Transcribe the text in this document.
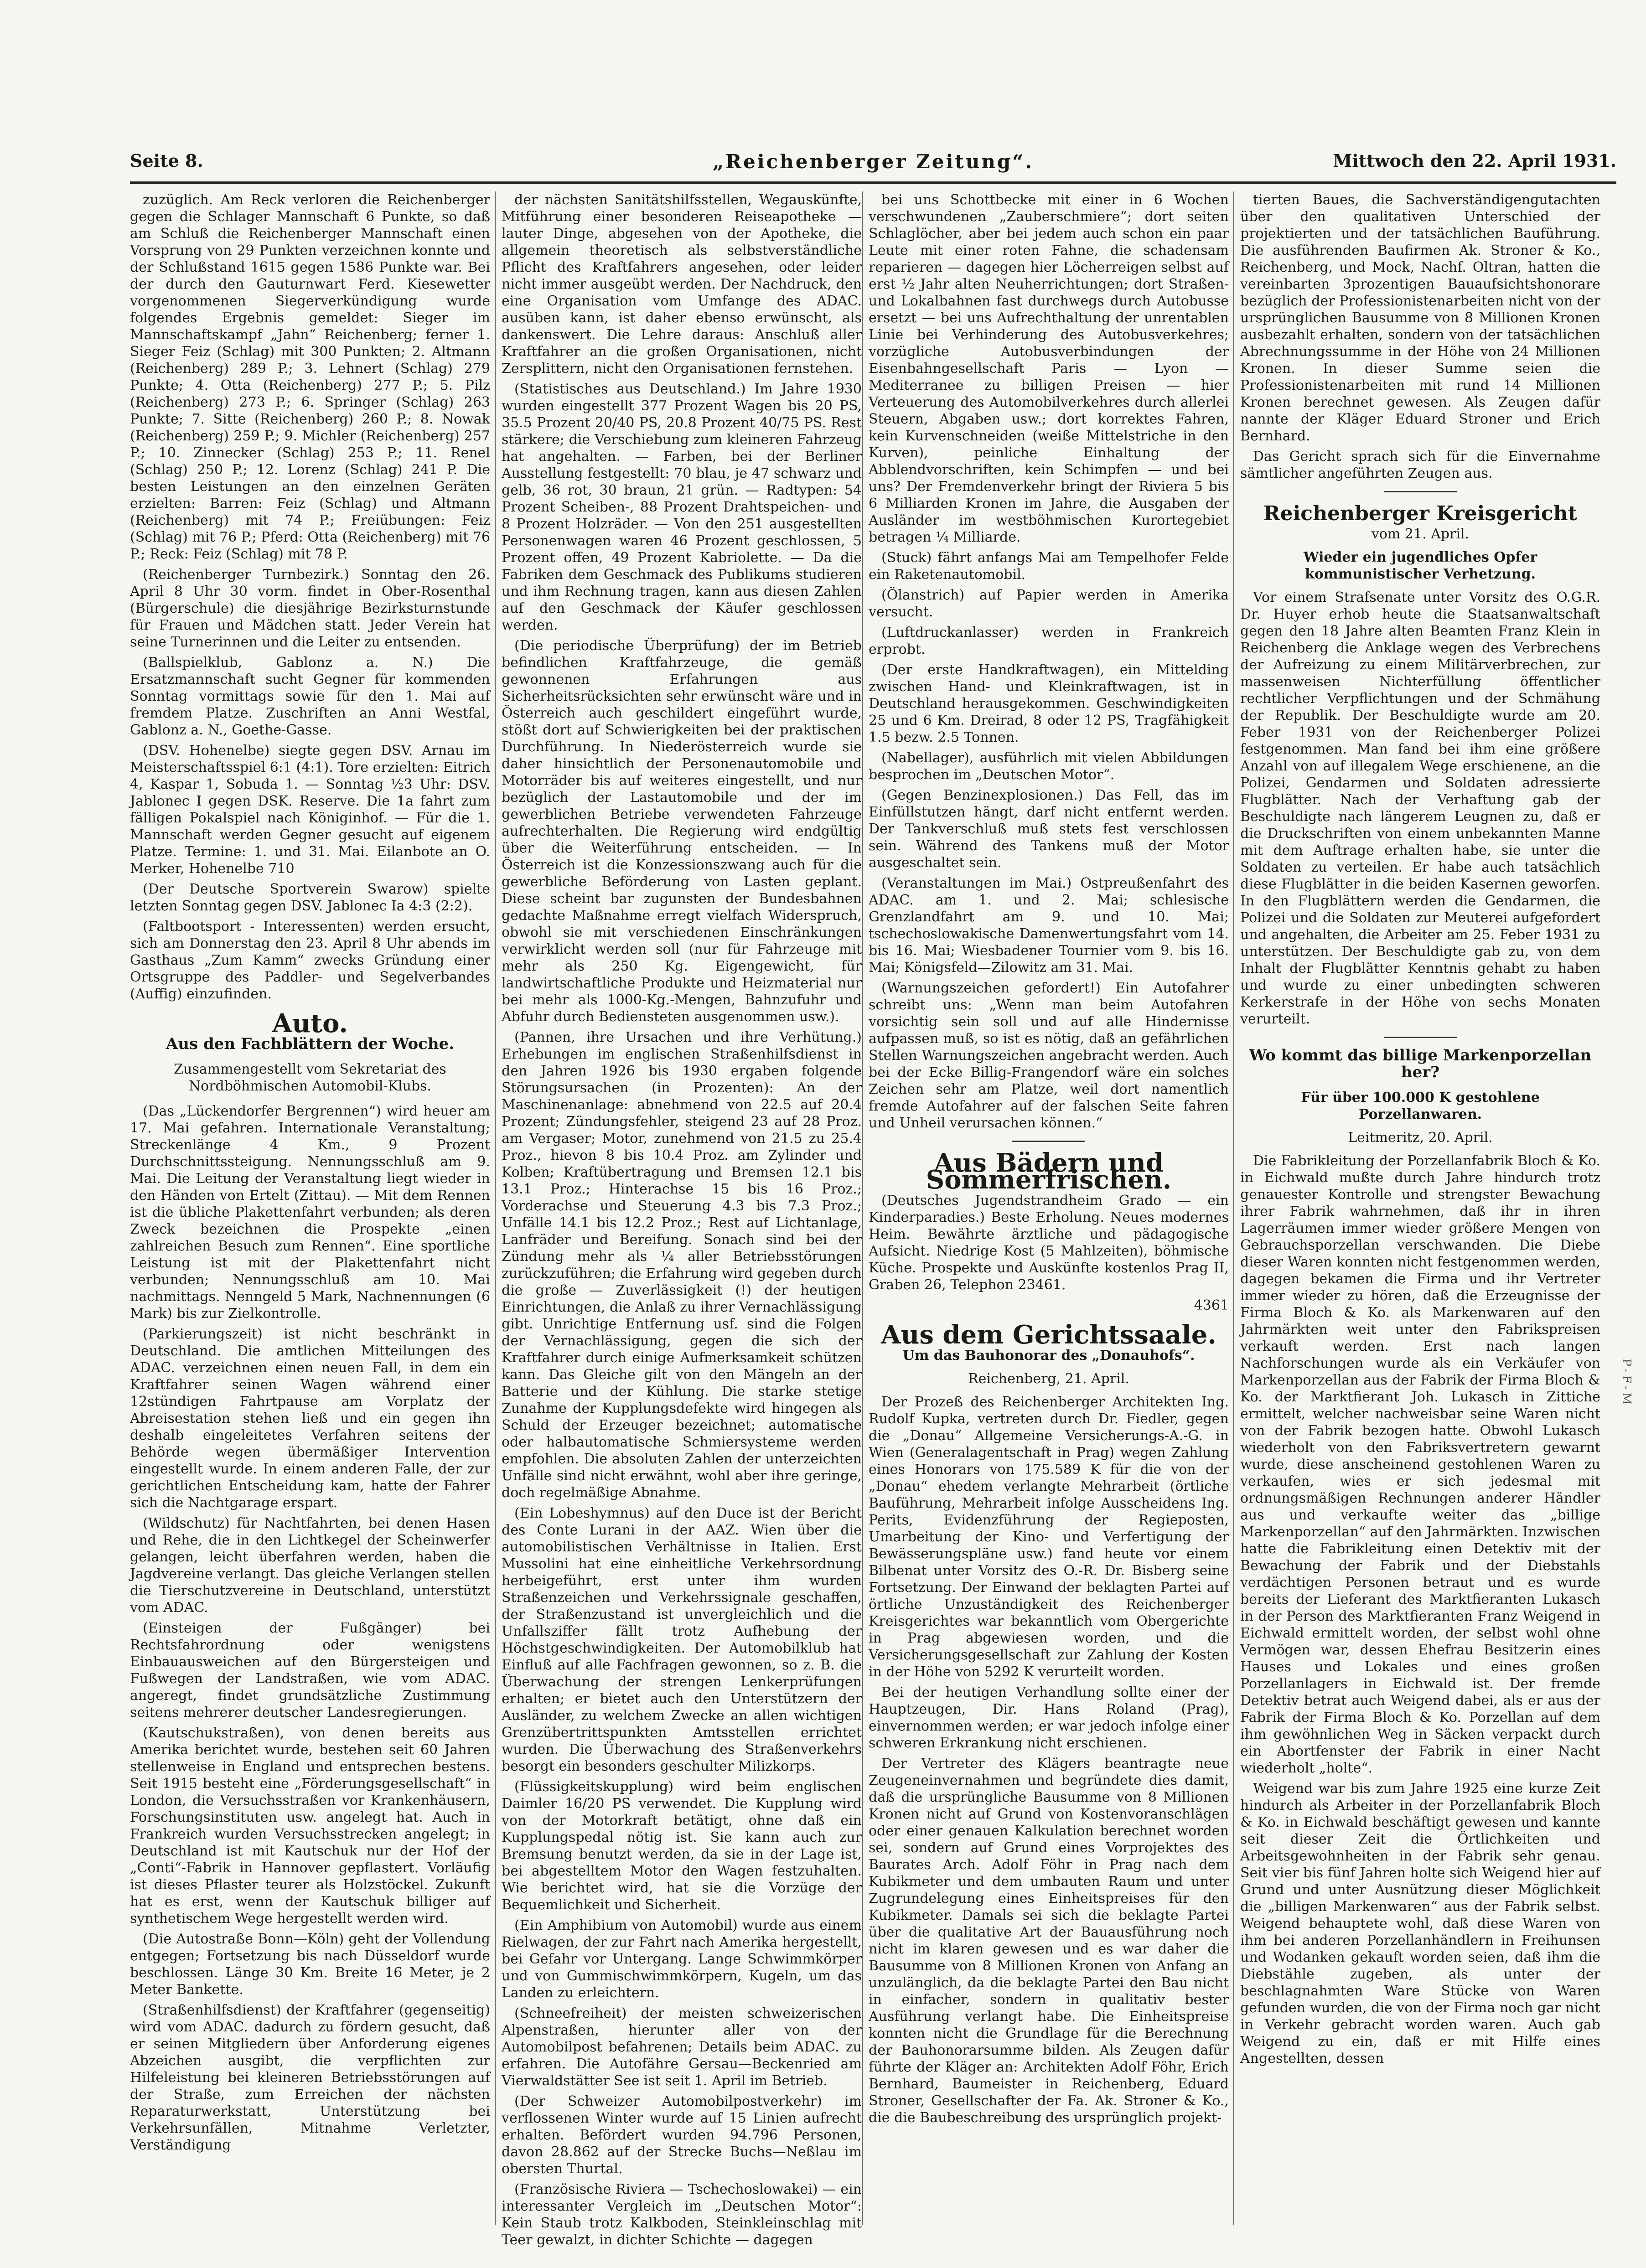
Seite 8.	„Reichenberger Zeitung“.	Mittwoch den 22. April 1931.

zuzüglich. Am Reck verloren die Reichenberger gegen die Schlager Mannschaft 6 Punkte, so daß am Schluß die Reichenberger Mannschaft einen Vorsprung von 29 Punkten verzeichnen konnte und der Schlußstand 1615 gegen 1586 Punkte war. Bei der durch den Gauturnwart Ferd. Kiesewetter vorgenommenen Siegerverkündigung wurde folgendes Ergebnis gemeldet: Sieger im Mannschaftskampf „Jahn“ Reichenberg; ferner 1. Sieger Feiz (Schlag) mit 300 Punkten; 2. Altmann (Reichenberg) 289 P.; 3. Lehnert (Schlag) 279 Punkte; 4. Otta (Reichenberg) 277 P.; 5. Pilz (Reichenberg) 273 P.; 6. Springer (Schlag) 263 Punkte; 7. Sitte (Reichenberg) 260 P.; 8. Nowak (Reichenberg) 259 P.; 9. Michler (Reichenberg) 257 P.; 10. Zinnecker (Schlag) 253 P.; 11. Renel (Schlag) 250 P.; 12. Lorenz (Schlag) 241 P. Die besten Leistungen an den einzelnen Geräten erzielten: Barren: Feiz (Schlag) und Altmann (Reichenberg) mit 74 P.; Freiübungen: Feiz (Schlag) mit 76 P.; Pferd: Otta (Reichenberg) mit 76 P.; Reck: Feiz (Schlag) mit 78 P.

(Reichenberger Turnbezirk.) Sonntag den 26. April 8 Uhr 30 vorm. findet in Ober-Rosenthal (Bürgerschule) die diesjährige Bezirksturnstunde für Frauen und Mädchen statt. Jeder Verein hat seine Turnerinnen und die Leiter zu entsenden.

(Ballspielklub, Gablonz a. N.) Die Ersatzmannschaft sucht Gegner für kommenden Sonntag vormittags sowie für den 1. Mai auf fremdem Platze. Zuschriften an Anni Westfal, Gablonz a. N., Goethe-Gasse.

(DSV. Hohenelbe) siegte gegen DSV. Arnau im Meisterschaftsspiel 6:1 (4:1). Tore erzielten: Eitrich 4, Kaspar 1, Sobuda 1. — Sonntag ½3 Uhr: DSV. Jablonec I gegen DSK. Reserve. Die 1a fahrt zum fälligen Pokalspiel nach Königinhof. — Für die 1. Mannschaft werden Gegner gesucht auf eigenem Platze. Termine: 1. und 31. Mai. Eilanbote an O. Merker, Hohenelbe 710

(Der Deutsche Sportverein Swarow) spielte letzten Sonntag gegen DSV. Jablonec Ia 4:3 (2:2).

(Faltbootsport - Interessenten) werden ersucht, sich am Donnerstag den 23. April 8 Uhr abends im Gasthaus „Zum Kamm“ zwecks Gründung einer Ortsgruppe des Paddler- und Segelverbandes (Auffig) einzufinden.

Auto.
Aus den Fachblättern der Woche.
Zusammengestellt vom Sekretariat des Nordböhmischen Automobil-Klubs.

(Das „Lückendorfer Bergrennen“) wird heuer am 17. Mai gefahren. Internationale Veranstaltung; Streckenlänge 4 Km., 9 Prozent Durchschnittssteigung. Nennungsschluß am 9. Mai. Die Leitung der Veranstaltung liegt wieder in den Händen von Ertelt (Zittau). — Mit dem Rennen ist die übliche Plakettenfahrt verbunden; als deren Zweck bezeichnen die Prospekte „einen zahlreichen Besuch zum Rennen“. Eine sportliche Leistung ist mit der Plakettenfahrt nicht verbunden; Nennungsschluß am 10. Mai nachmittags. Nenngeld 5 Mark, Nachnennungen (6 Mark) bis zur Zielkontrolle.

(Parkierungszeit) ist nicht beschränkt in Deutschland. Die amtlichen Mitteilungen des ADAC. verzeichnen einen neuen Fall, in dem ein Kraftfahrer seinen Wagen während einer 12stündigen Fahrtpause am Vorplatz der Abreisestation stehen ließ und ein gegen ihn deshalb eingeleitetes Verfahren seitens der Behörde wegen übermäßiger Intervention eingestellt wurde. In einem anderen Falle, der zur gerichtlichen Entscheidung kam, hatte der Fahrer sich die Nachtgarage erspart.

(Wildschutz) für Nachtfahrten, bei denen Hasen und Rehe, die in den Lichtkegel der Scheinwerfer gelangen, leicht überfahren werden, haben die Jagdvereine verlangt. Das gleiche Verlangen stellen die Tierschutzvereine in Deutschland, unterstützt vom ADAC.

(Einsteigen der Fußgänger) bei Rechtsfahrordnung oder wenigstens Einbauausweichen auf den Bürgersteigen und Fußwegen der Landstraßen, wie vom ADAC. angeregt, findet grundsätzliche Zustimmung seitens mehrerer deutscher Landesregierungen.

(Kautschukstraßen), von denen bereits aus Amerika berichtet wurde, bestehen seit 60 Jahren stellenweise in England und entsprechen bestens. Seit 1915 besteht eine „Förderungsgesellschaft“ in London, die Versuchsstraßen vor Krankenhäusern, Forschungsinstituten usw. angelegt hat. Auch in Frankreich wurden Versuchsstrecken angelegt; in Deutschland ist mit Kautschuk nur der Hof der „Conti“-Fabrik in Hannover gepflastert. Vorläufig ist dieses Pflaster teurer als Holzstöckel. Zukunft hat es erst, wenn der Kautschuk billiger auf synthetischem Wege hergestellt werden wird.

(Die Autostraße Bonn—Köln) geht der Vollendung entgegen; Fortsetzung bis nach Düsseldorf wurde beschlossen. Länge 30 Km. Breite 16 Meter, je 2 Meter Bankette.

(Straßenhilfsdienst) der Kraftfahrer (gegenseitig) wird vom ADAC. dadurch zu fördern gesucht, daß er seinen Mitgliedern über Anforderung eigenes Abzeichen ausgibt, die verpflichten zur Hilfeleistung bei kleineren Betriebsstörungen auf der Straße, zum Erreichen der nächsten Reparaturwerkstatt, Unterstützung bei Verkehrsunfällen, Mitnahme Verletzter, Verständigung

der nächsten Sanitätshilfsstellen, Wegauskünfte, Mitführung einer besonderen Reiseapotheke — lauter Dinge, abgesehen von der Apotheke, die allgemein theoretisch als selbstverständliche Pflicht des Kraftfahrers angesehen, oder leider nicht immer ausgeübt werden. Der Nachdruck, den eine Organisation vom Umfange des ADAC. ausüben kann, ist daher ebenso erwünscht, als dankenswert. Die Lehre daraus: Anschluß aller Kraftfahrer an die großen Organisationen, nicht Zersplittern, nicht den Organisationen fernstehen.

(Statistisches aus Deutschland.) Im Jahre 1930 wurden eingestellt 377 Prozent Wagen bis 20 PS, 35.5 Prozent 20/40 PS, 20.8 Prozent 40/75 PS. Rest stärkere; die Verschiebung zum kleineren Fahrzeug hat angehalten. — Farben, bei der Berliner Ausstellung festgestellt: 70 blau, je 47 schwarz und gelb, 36 rot, 30 braun, 21 grün. — Radtypen: 54 Prozent Scheiben-, 88 Prozent Drahtspeichen- und 8 Prozent Holzräder. — Von den 251 ausgestellten Personenwagen waren 46 Prozent geschlossen, 5 Prozent offen, 49 Prozent Kabriolette. — Da die Fabriken dem Geschmack des Publikums studieren und ihm Rechnung tragen, kann aus diesen Zahlen auf den Geschmack der Käufer geschlossen werden.

(Die periodische Überprüfung) der im Betrieb befindlichen Kraftfahrzeuge, die gemäß gewonnenen Erfahrungen aus Sicherheitsrücksichten sehr erwünscht wäre und in Österreich auch geschildert eingeführt wurde, stößt dort auf Schwierigkeiten bei der praktischen Durchführung. In Niederösterreich wurde sie daher hinsichtlich der Personenautomobile und Motorräder bis auf weiteres eingestellt, und nur bezüglich der Lastautomobile und der im gewerblichen Betriebe verwendeten Fahrzeuge aufrechterhalten. Die Regierung wird endgültig über die Weiterführung entscheiden. — In Österreich ist die Konzessionszwang auch für die gewerbliche Beförderung von Lasten geplant. Diese scheint bar zugunsten der Bundesbahnen gedachte Maßnahme erregt vielfach Widerspruch, obwohl sie mit verschiedenen Einschränkungen verwirklicht werden soll (nur für Fahrzeuge mit mehr als 250 Kg. Eigengewicht, für landwirtschaftliche Produkte und Heizmaterial nur bei mehr als 1000-Kg.-Mengen, Bahnzufuhr und Abfuhr durch Bediensteten ausgenommen usw.).

(Pannen, ihre Ursachen und ihre Verhütung.) Erhebungen im englischen Straßenhilfsdienst in den Jahren 1926 bis 1930 ergaben folgende Störungsursachen (in Prozenten): An der Maschinenanlage: abnehmend von 22.5 auf 20.4 Prozent; Zündungsfehler, steigend 23 auf 28 Proz. am Vergaser; Motor, zunehmend von 21.5 zu 25.4 Proz., hievon 8 bis 10.4 Proz. am Zylinder und Kolben; Kraftübertragung und Bremsen 12.1 bis 13.1 Proz.; Hinterachse 15 bis 16 Proz.; Vorderachse und Steuerung 4.3 bis 7.3 Proz.; Unfälle 14.1 bis 12.2 Proz.; Rest auf Lichtanlage, Lanfräder und Bereifung. Sonach sind bei der Zündung mehr als ¼ aller Betriebsstörungen zurückzuführen; die Erfahrung wird gegeben durch die große — Zuverlässigkeit (!) der heutigen Einrichtungen, die Anlaß zu ihrer Vernachlässigung gibt. Unrichtige Entfernung usf. sind die Folgen der Vernachlässigung, gegen die sich der Kraftfahrer durch einige Aufmerksamkeit schützen kann. Das Gleiche gilt von den Mängeln an der Batterie und der Kühlung. Die starke stetige Zunahme der Kupplungsdefekte wird hingegen als Schuld der Erzeuger bezeichnet; automatische oder halbautomatische Schmiersysteme werden empfohlen. Die absoluten Zahlen der unterzeichten Unfälle sind nicht erwähnt, wohl aber ihre geringe, doch regelmäßige Abnahme.

(Ein Lobeshymnus) auf den Duce ist der Bericht des Conte Lurani in der AAZ. Wien über die automobilistischen Verhältnisse in Italien. Erst Mussolini hat eine einheitliche Verkehrsordnung herbeigeführt, erst unter ihm wurden Straßenzeichen und Verkehrssignale geschaffen, der Straßenzustand ist unvergleichlich und die Unfallsziffer fällt trotz Aufhebung der Höchstgeschwindigkeiten. Der Automobilklub hat Einfluß auf alle Fachfragen gewonnen, so z. B. die Überwachung der strengen Lenkerprüfungen erhalten; er bietet auch den Unterstützern der Ausländer, zu welchem Zwecke an allen wichtigen Grenzübertrittspunkten Amtsstellen errichtet wurden. Die Überwachung des Straßenverkehrs besorgt ein besonders geschulter Milizkorps.

(Flüssigkeitskupplung) wird beim englischen Daimler 16/20 PS verwendet. Die Kupplung wird von der Motorkraft betätigt, ohne daß ein Kupplungspedal nötig ist. Sie kann auch zur Bremsung benutzt werden, da sie in der Lage ist, bei abgestelltem Motor den Wagen festzuhalten. Wie berichtet wird, hat sie die Vorzüge der Bequemlichkeit und Sicherheit.

(Ein Amphibium von Automobil) wurde aus einem Rielwagen, der zur Fahrt nach Amerika hergestellt, bei Gefahr vor Untergang. Lange Schwimmkörper und von Gummischwimmkörpern, Kugeln, um das Landen zu erleichtern.

(Schneefreiheit) der meisten schweizerischen Alpenstraßen, hierunter aller von der Automobilpost befahrenen; Details beim ADAC. zu erfahren. Die Autofähre Gersau—Beckenried am Vierwaldstätter See ist seit 1. April im Betrieb.

(Der Schweizer Automobilpostverkehr) im verflossenen Winter wurde auf 15 Linien aufrecht erhalten. Befördert wurden 94.796 Personen, davon 28.862 auf der Strecke Buchs—Neßlau im obersten Thurtal.

(Französische Riviera — Tschechoslowakei) — ein interessanter Vergleich im „Deutschen Motor“: Kein Staub trotz Kalkboden, Steinkleinschlag mit Teer gewalzt, in dichter Schichte — dagegen

bei uns Schottbecke mit einer in 6 Wochen verschwundenen „Zauberschmiere“; dort seiten Schlaglöcher, aber bei jedem auch schon ein paar Leute mit einer roten Fahne, die schadensam reparieren — dagegen hier Löcherreigen selbst auf erst ½ Jahr alten Neuherrichtungen; dort Straßen- und Lokalbahnen fast durchwegs durch Autobusse ersetzt — bei uns Aufrechthaltung der unrentablen Linie bei Verhinderung des Autobusverkehres; vorzügliche Autobusverbindungen der Eisenbahngesellschaft Paris — Lyon — Mediterranee zu billigen Preisen — hier Verteuerung des Automobilverkehres durch allerlei Steuern, Abgaben usw.; dort korrektes Fahren, kein Kurvenschneiden (weiße Mittelstriche in den Kurven), peinliche Einhaltung der Abblendvorschriften, kein Schimpfen — und bei uns? Der Fremdenverkehr bringt der Riviera 5 bis 6 Milliarden Kronen im Jahre, die Ausgaben der Ausländer im westböhmischen Kurortegebiet betragen ¼ Milliarde.

(Stuck) fährt anfangs Mai am Tempelhofer Felde ein Raketenautomobil.

(Ölanstrich) auf Papier werden in Amerika versucht.

(Luftdruckanlasser) werden in Frankreich erprobt.

(Der erste Handkraftwagen), ein Mittelding zwischen Hand- und Kleinkraftwagen, ist in Deutschland herausgekommen. Geschwindigkeiten 25 und 6 Km. Dreirad, 8 oder 12 PS, Tragfähigkeit 1.5 bezw. 2.5 Tonnen.

(Nabellager), ausführlich mit vielen Abbildungen besprochen im „Deutschen Motor“.

(Gegen Benzinexplosionen.) Das Fell, das im Einfüllstutzen hängt, darf nicht entfernt werden. Der Tankverschluß muß stets fest verschlossen sein. Während des Tankens muß der Motor ausgeschaltet sein.

(Veranstaltungen im Mai.) Ostpreußenfahrt des ADAC. am 1. und 2. Mai; schlesische Grenzlandfahrt am 9. und 10. Mai; tschechoslowakische Damenwertungsfahrt vom 14. bis 16. Mai; Wiesbadener Tournier vom 9. bis 16. Mai; Königsfeld—Zilowitz am 31. Mai.

(Warnungszeichen gefordert!) Ein Autofahrer schreibt uns: „Wenn man beim Autofahren vorsichtig sein soll und auf alle Hindernisse aufpassen muß, so ist es nötig, daß an gefährlichen Stellen Warnungszeichen angebracht werden. Auch bei der Ecke Billig-Frangendorf wäre ein solches Zeichen sehr am Platze, weil dort namentlich fremde Autofahrer auf der falschen Seite fahren und Unheil verursachen können.“

Aus Bädern und Sommerfrischen.

(Deutsches Jugendstrandheim Grado — ein Kinderparadies.) Beste Erholung. Neues modernes Heim. Bewährte ärztliche und pädagogische Aufsicht. Niedrige Kost (5 Mahlzeiten), böhmische Küche. Prospekte und Auskünfte kostenlos Prag II, Graben 26, Telephon 23461.

4361
Aus dem Gerichtssaale.
Um das Bauhonorar des „Donauhofs“.
Reichenberg, 21. April.

Der Prozeß des Reichenberger Architekten Ing. Rudolf Kupka, vertreten durch Dr. Fiedler, gegen die „Donau“ Allgemeine Versicherungs-A.-G. in Wien (Generalagentschaft in Prag) wegen Zahlung eines Honorars von 175.589 K für die von der „Donau“ ehedem verlangte Mehrarbeit (örtliche Bauführung, Mehrarbeit infolge Ausscheidens Ing. Perits, Evidenzführung der Regieposten, Umarbeitung der Kino- und Verfertigung der Bewässerungspläne usw.) fand heute vor einem Bilbenat unter Vorsitz des O.-R. Dr. Bisberg seine Fortsetzung. Der Einwand der beklagten Partei auf örtliche Unzuständigkeit des Reichenberger Kreisgerichtes war bekanntlich vom Obergerichte in Prag abgewiesen worden, und die Versicherungsgesellschaft zur Zahlung der Kosten in der Höhe von 5292 K verurteilt worden.

Bei der heutigen Verhandlung sollte einer der Hauptzeugen, Dir. Hans Roland (Prag), einvernommen werden; er war jedoch infolge einer schweren Erkrankung nicht erschienen.

Der Vertreter des Klägers beantragte neue Zeugeneinvernahmen und begründete dies damit, daß die ursprüngliche Bausumme von 8 Millionen Kronen nicht auf Grund von Kostenvoranschlägen oder einer genauen Kalkulation berechnet worden sei, sondern auf Grund eines Vorprojektes des Baurates Arch. Adolf Föhr in Prag nach dem Kubikmeter und dem umbauten Raum und unter Zugrundelegung eines Einheitspreises für den Kubikmeter. Damals sei sich die beklagte Partei über die qualitative Art der Bauausführung noch nicht im klaren gewesen und es war daher die Bausumme von 8 Millionen Kronen von Anfang an unzulänglich, da die beklagte Partei den Bau nicht in einfacher, sondern in qualitativ bester Ausführung verlangt habe. Die Einheitspreise konnten nicht die Grundlage für die Berechnung der Bauhonorarsumme bilden. Als Zeugen dafür führte der Kläger an: Architekten Adolf Föhr, Erich Bernhard, Baumeister in Reichenberg, Eduard Stroner, Gesellschafter der Fa. Ak. Stroner & Ko., die die Baubeschreibung des ursprünglich projekt-

tierten Baues, die Sachverständigengutachten über den qualitativen Unterschied der projektierten und der tatsächlichen Bauführung. Die ausführenden Baufirmen Ak. Stroner & Ko., Reichenberg, und Mock, Nachf. Oltran, hatten die vereinbarten 3prozentigen Bauaufsichtshonorare bezüglich der Professionistenarbeiten nicht von der ursprünglichen Bausumme von 8 Millionen Kronen ausbezahlt erhalten, sondern von der tatsächlichen Abrechnungssumme in der Höhe von 24 Millionen Kronen. In dieser Summe seien die Professionistenarbeiten mit rund 14 Millionen Kronen berechnet gewesen. Als Zeugen dafür nannte der Kläger Eduard Stroner und Erich Bernhard.

Das Gericht sprach sich für die Einvernahme sämtlicher angeführten Zeugen aus.

Reichenberger Kreisgericht
vom 21. April.
Wieder ein jugendliches Opfer kommunistischer Verhetzung.

Vor einem Strafsenate unter Vorsitz des O.G.R. Dr. Huyer erhob heute die Staatsanwaltschaft gegen den 18 Jahre alten Beamten Franz Klein in Reichenberg die Anklage wegen des Verbrechens der Aufreizung zu einem Militärverbrechen, zur massenweisen Nichterfüllung öffentlicher rechtlicher Verpflichtungen und der Schmähung der Republik. Der Beschuldigte wurde am 20. Feber 1931 von der Reichenberger Polizei festgenommen. Man fand bei ihm eine größere Anzahl von auf illegalem Wege erschienene, an die Polizei, Gendarmen und Soldaten adressierte Flugblätter. Nach der Verhaftung gab der Beschuldigte nach längerem Leugnen zu, daß er die Druckschriften von einem unbekannten Manne mit dem Auftrage erhalten habe, sie unter die Soldaten zu verteilen. Er habe auch tatsächlich diese Flugblätter in die beiden Kasernen geworfen. In den Flugblättern werden die Gendarmen, die Polizei und die Soldaten zur Meuterei aufgefordert und angehalten, die Arbeiter am 25. Feber 1931 zu unterstützen. Der Beschuldigte gab zu, von dem Inhalt der Flugblätter Kenntnis gehabt zu haben und wurde zu einer unbedingten schweren Kerkerstrafe in der Höhe von sechs Monaten verurteilt.

Wo kommt das billige Markenporzellan her?
Für über 100.000 K gestohlene Porzellanwaren.
Leitmeritz, 20. April.

Die Fabrikleitung der Porzellanfabrik Bloch & Ko. in Eichwald mußte durch Jahre hindurch trotz genauester Kontrolle und strengster Bewachung ihrer Fabrik wahrnehmen, daß ihr in ihren Lagerräumen immer wieder größere Mengen von Gebrauchsporzellan verschwanden. Die Diebe dieser Waren konnten nicht festgenommen werden, dagegen bekamen die Firma und ihr Vertreter immer wieder zu hören, daß die Erzeugnisse der Firma Bloch & Ko. als Markenwaren auf den Jahrmärkten weit unter den Fabrikspreisen verkauft werden. Erst nach langen Nachforschungen wurde als ein Verkäufer von Markenporzellan aus der Fabrik der Firma Bloch & Ko. der Marktfierant Joh. Lukasch in Zittiche ermittelt, welcher nachweisbar seine Waren nicht von der Fabrik bezogen hatte. Obwohl Lukasch wiederholt von den Fabriksvertretern gewarnt wurde, diese anscheinend gestohlenen Waren zu verkaufen, wies er sich jedesmal mit ordnungsmäßigen Rechnungen anderer Händler aus und verkaufte weiter das „billige Markenporzellan“ auf den Jahrmärkten. Inzwischen hatte die Fabrikleitung einen Detektiv mit der Bewachung der Fabrik und der Diebstahls verdächtigen Personen betraut und es wurde bereits der Lieferant des Marktfieranten Lukasch in der Person des Marktfieranten Franz Weigend in Eichwald ermittelt worden, der selbst wohl ohne Vermögen war, dessen Ehefrau Besitzerin eines Hauses und Lokales und eines großen Porzellanlagers in Eichwald ist. Der fremde Detektiv betrat auch Weigend dabei, als er aus der Fabrik der Firma Bloch & Ko. Porzellan auf dem ihm gewöhnlichen Weg in Säcken verpackt durch ein Abortfenster der Fabrik in einer Nacht wiederholt „holte“.

Weigend war bis zum Jahre 1925 eine kurze Zeit hindurch als Arbeiter in der Porzellanfabrik Bloch & Ko. in Eichwald beschäftigt gewesen und kannte seit dieser Zeit die Örtlichkeiten und Arbeitsgewohnheiten in der Fabrik sehr genau. Seit vier bis fünf Jahren holte sich Weigend hier auf Grund und unter Ausnützung dieser Möglichkeit die „billigen Markenwaren“ aus der Fabrik selbst. Weigend behauptete wohl, daß diese Waren von ihm bei anderen Porzellanhändlern in Freihunsen und Wodanken gekauft worden seien, daß ihm die Diebstähle zugeben, als unter der beschlagnahmten Ware Stücke von Waren gefunden wurden, die von der Firma noch gar nicht in Verkehr gebracht worden waren. Auch gab Weigend zu ein, daß er mit Hilfe eines Angestellten, dessen

P-F-M
